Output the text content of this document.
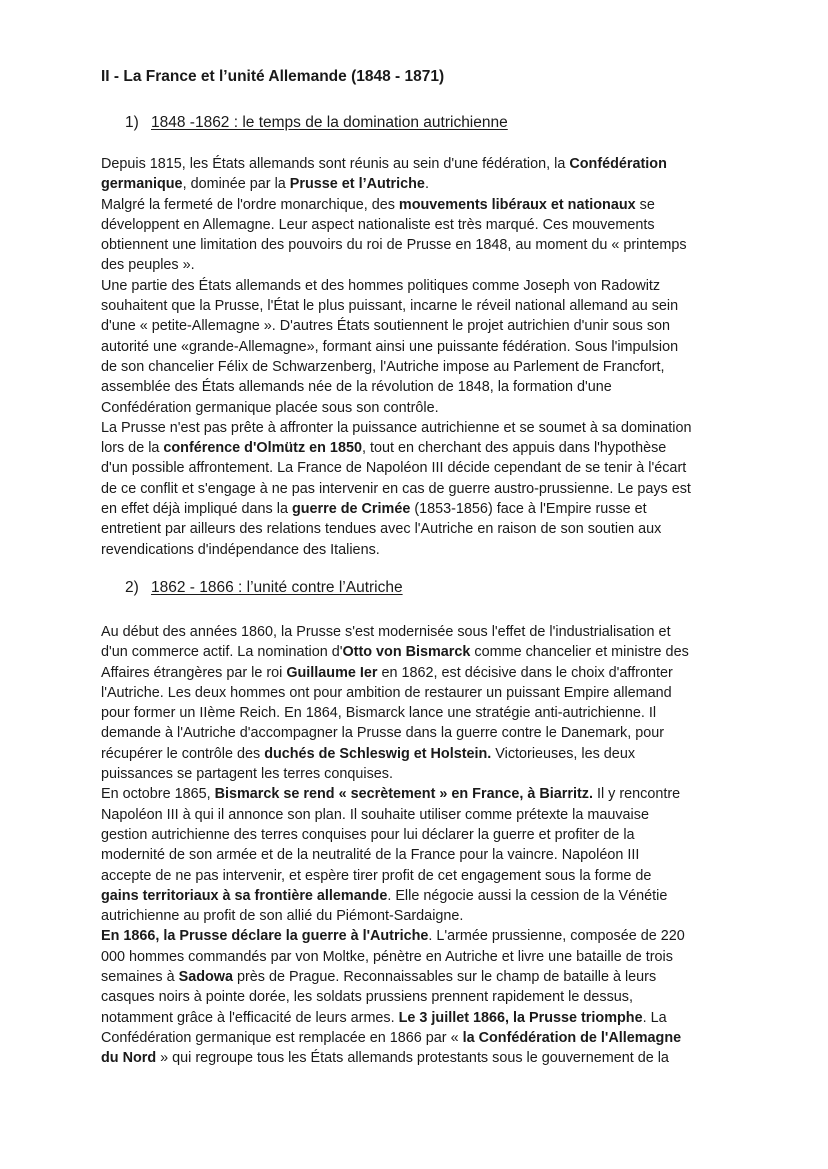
II - La France et l’unité Allemande (1848 - 1871)
1) 1848 -1862 : le temps de la domination autrichienne
Depuis 1815, les États allemands sont réunis au sein d'une fédération, la Confédération
germanique, dominée par la Prusse et l’Autriche.
Malgré la fermeté de l'ordre monarchique, des mouvements libéraux et nationaux se
développent en Allemagne. Leur aspect nationaliste est très marqué. Ces mouvements
obtiennent une limitation des pouvoirs du roi de Prusse en 1848, au moment du « printemps
des peuples ».
Une partie des États allemands et des hommes politiques comme Joseph von Radowitz
souhaitent que la Prusse, l'État le plus puissant, incarne le réveil national allemand au sein
d'une « petite-Allemagne ». D'autres États soutiennent le projet autrichien d'unir sous son
autorité une «grande-Allemagne», formant ainsi une puissante fédération. Sous l'impulsion
de son chancelier Félix de Schwarzenberg, l'Autriche impose au Parlement de Francfort,
assemblée des États allemands née de la révolution de 1848, la formation d'une
Confédération germanique placée sous son contrôle.
La Prusse n'est pas prête à affronter la puissance autrichienne et se soumet à sa domination
lors de la conférence d'Olmütz en 1850, tout en cherchant des appuis dans l'hypothèse
d'un possible affrontement. La France de Napoléon III décide cependant de se tenir à l'écart
de ce conflit et s'engage à ne pas intervenir en cas de guerre austro-prussienne. Le pays est
en effet déjà impliqué dans la guerre de Crimée (1853-1856) face à l'Empire russe et
entretient par ailleurs des relations tendues avec l'Autriche en raison de son soutien aux
revendications d'indépendance des Italiens.
2) 1862 - 1866 : l’unité contre l’Autriche
Au début des années 1860, la Prusse s'est modernisée sous l'effet de l'industrialisation et
d'un commerce actif. La nomination d'Otto von Bismarck comme chancelier et ministre des
Affaires étrangères par le roi Guillaume Ier en 1862, est décisive dans le choix d'affronter
l'Autriche. Les deux hommes ont pour ambition de restaurer un puissant Empire allemand
pour former un IIème Reich. En 1864, Bismarck lance une stratégie anti-autrichienne. Il
demande à l'Autriche d'accompagner la Prusse dans la guerre contre le Danemark, pour
récupérer le contrôle des duchés de Schleswig et Holstein. Victorieuses, les deux
puissances se partagent les terres conquises.
En octobre 1865, Bismarck se rend « secrètement » en France, à Biarritz. Il y rencontre
Napoléon III à qui il annonce son plan. Il souhaite utiliser comme prétexte la mauvaise
gestion autrichienne des terres conquises pour lui déclarer la guerre et profiter de la
modernité de son armée et de la neutralité de la France pour la vaincre. Napoléon III
accepte de ne pas intervenir, et espère tirer profit de cet engagement sous la forme de
gains territoriaux à sa frontière allemande. Elle négocie aussi la cession de la Vénétie
autrichienne au profit de son allié du Piémont-Sardaigne.
En 1866, la Prusse déclare la guerre à l'Autriche. L'armée prussienne, composée de 220
000 hommes commandés par von Moltke, pénètre en Autriche et livre une bataille de trois
semaines à Sadowa près de Prague. Reconnaissables sur le champ de bataille à leurs
casques noirs à pointe dorée, les soldats prussiens prennent rapidement le dessus,
notamment grâce à l'efficacité de leurs armes. Le 3 juillet 1866, la Prusse triomphe. La
Confédération germanique est remplacée en 1866 par « la Confédération de l'Allemagne
du Nord » qui regroupe tous les États allemands protestants sous le gouvernement de la
